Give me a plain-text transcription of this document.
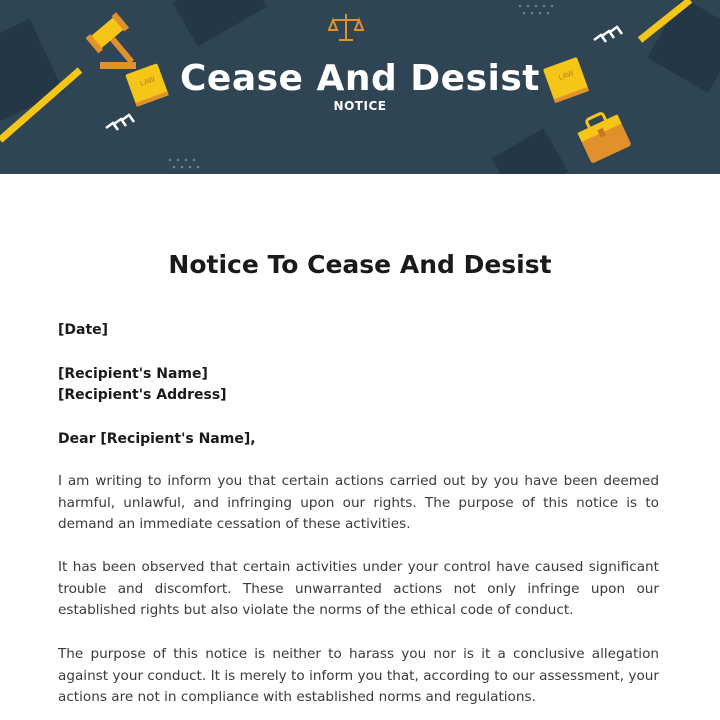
LAW	LAW
Cease And Desist
NOTICE
Notice To Cease And Desist
[Date]
[Recipient's Name]
[Recipient's Address]
Dear [Recipient's Name],

I am writing to inform you that certain actions carried out by you have been deemed harmful, unlawful, and infringing upon our rights. The purpose of this notice is to demand an immediate cessation of these activities.

It has been observed that certain activities under your control have caused significant trouble and discomfort. These unwarranted actions not only infringe upon our established rights but also violate the norms of the ethical code of conduct.

The purpose of this notice is neither to harass you nor is it a conclusive allegation against your conduct. It is merely to inform you that, according to our assessment, your actions are not in compliance with established norms and regulations.
